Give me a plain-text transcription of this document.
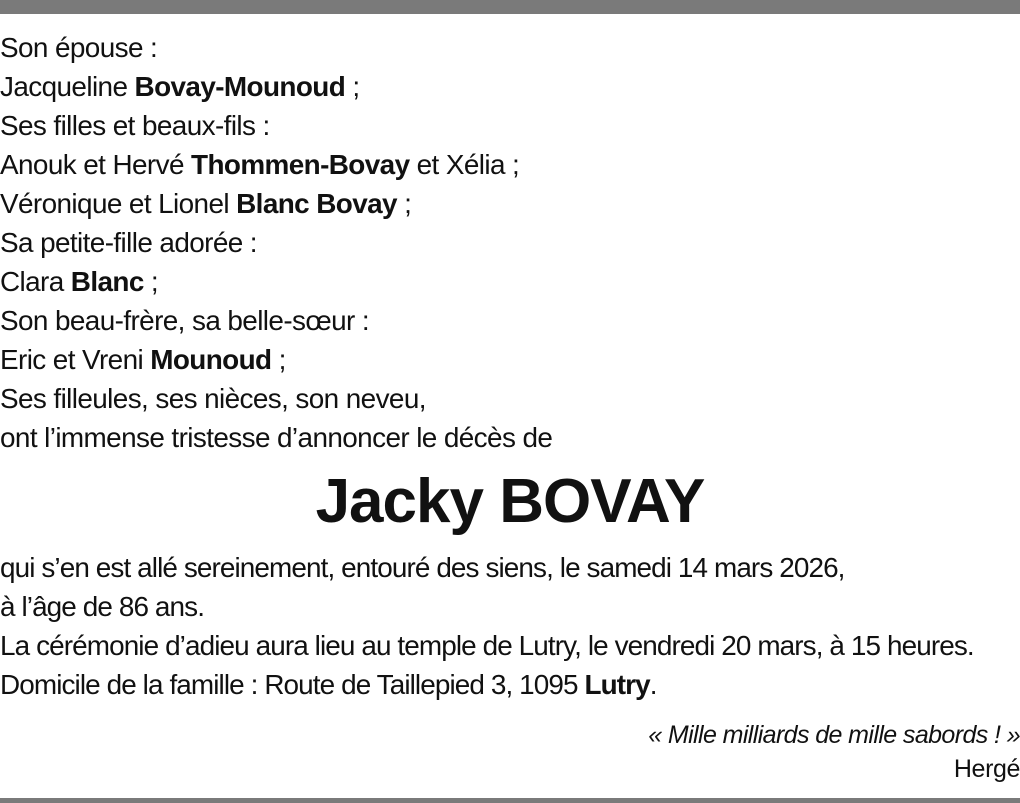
Son épouse :
Jacqueline Bovay-Mounoud ;
Ses filles et beaux-fils :
Anouk et Hervé Thommen-Bovay et Xélia ;
Véronique et Lionel Blanc Bovay ;
Sa petite-fille adorée :
Clara Blanc ;
Son beau-frère, sa belle-sœur :
Eric et Vreni Mounoud ;
Ses filleules, ses nièces, son neveu,
ont l’immense tristesse d’annoncer le décès de
Jacky BOVAY
qui s’en est allé sereinement, entouré des siens, le samedi 14 mars 2026,
à l’âge de 86 ans.
La cérémonie d’adieu aura lieu au temple de Lutry, le vendredi 20 mars, à 15 heures.
Domicile de la famille : Route de Taillepied 3, 1095 Lutry.
« Mille milliards de mille sabords ! »
Hergé
